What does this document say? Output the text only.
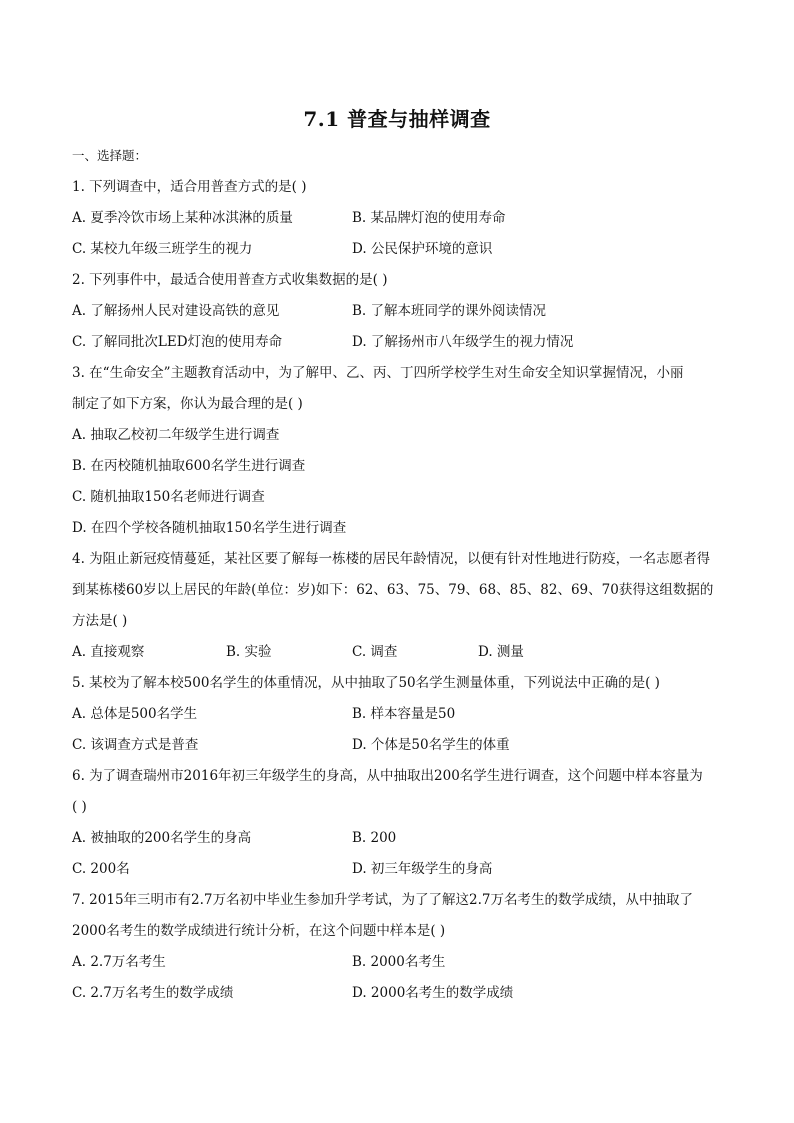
7.1 普查与抽样调查
一、选择题：
1. 下列调查中，适合用普查方式的是( )
A. 夏季冷饮市场上某种冰淇淋的质量	B. 某品牌灯泡的使用寿命
C. 某校九年级三班学生的视力	D. 公民保护环境的意识
2. 下列事件中，最适合使用普查方式收集数据的是( )
A. 了解扬州人民对建设高铁的意见	B. 了解本班同学的课外阅读情况
C. 了解同批次LED灯泡的使用寿命	D. 了解扬州市八年级学生的视力情况
3. 在“生命安全”主题教育活动中，为了解甲、乙、丙、丁四所学校学生对生命安全知识掌握情况，小丽
制定了如下方案，你认为最合理的是( )
A. 抽取乙校初二年级学生进行调查
B. 在丙校随机抽取600名学生进行调查
C. 随机抽取150名老师进行调查
D. 在四个学校各随机抽取150名学生进行调查
4. 为阻止新冠疫情蔓延，某社区要了解每一栋楼的居民年龄情况，以便有针对性地进行防疫，一名志愿者得
到某栋楼60岁以上居民的年龄(单位：岁)如下：62、63、75、79、68、85、82、69、70获得这组数据的
方法是( )
A. 直接观察	B. 实验	C. 调查	D. 测量
5. 某校为了解本校500名学生的体重情况，从中抽取了50名学生测量体重，下列说法中正确的是( )
A. 总体是500名学生	B. 样本容量是50
C. 该调查方式是普查	D. 个体是50名学生的体重
6. 为了调查瑞州市2016年初三年级学生的身高，从中抽取出200名学生进行调查，这个问题中样本容量为
( )
A. 被抽取的200名学生的身高	B. 200
C. 200名	D. 初三年级学生的身高
7. 2015年三明市有2.7万名初中毕业生参加升学考试，为了了解这2.7万名考生的数学成绩，从中抽取了
2000名考生的数学成绩进行统计分析，在这个问题中样本是( )
A. 2.7万名考生	B. 2000名考生
C. 2.7万名考生的数学成绩	D. 2000名考生的数学成绩
